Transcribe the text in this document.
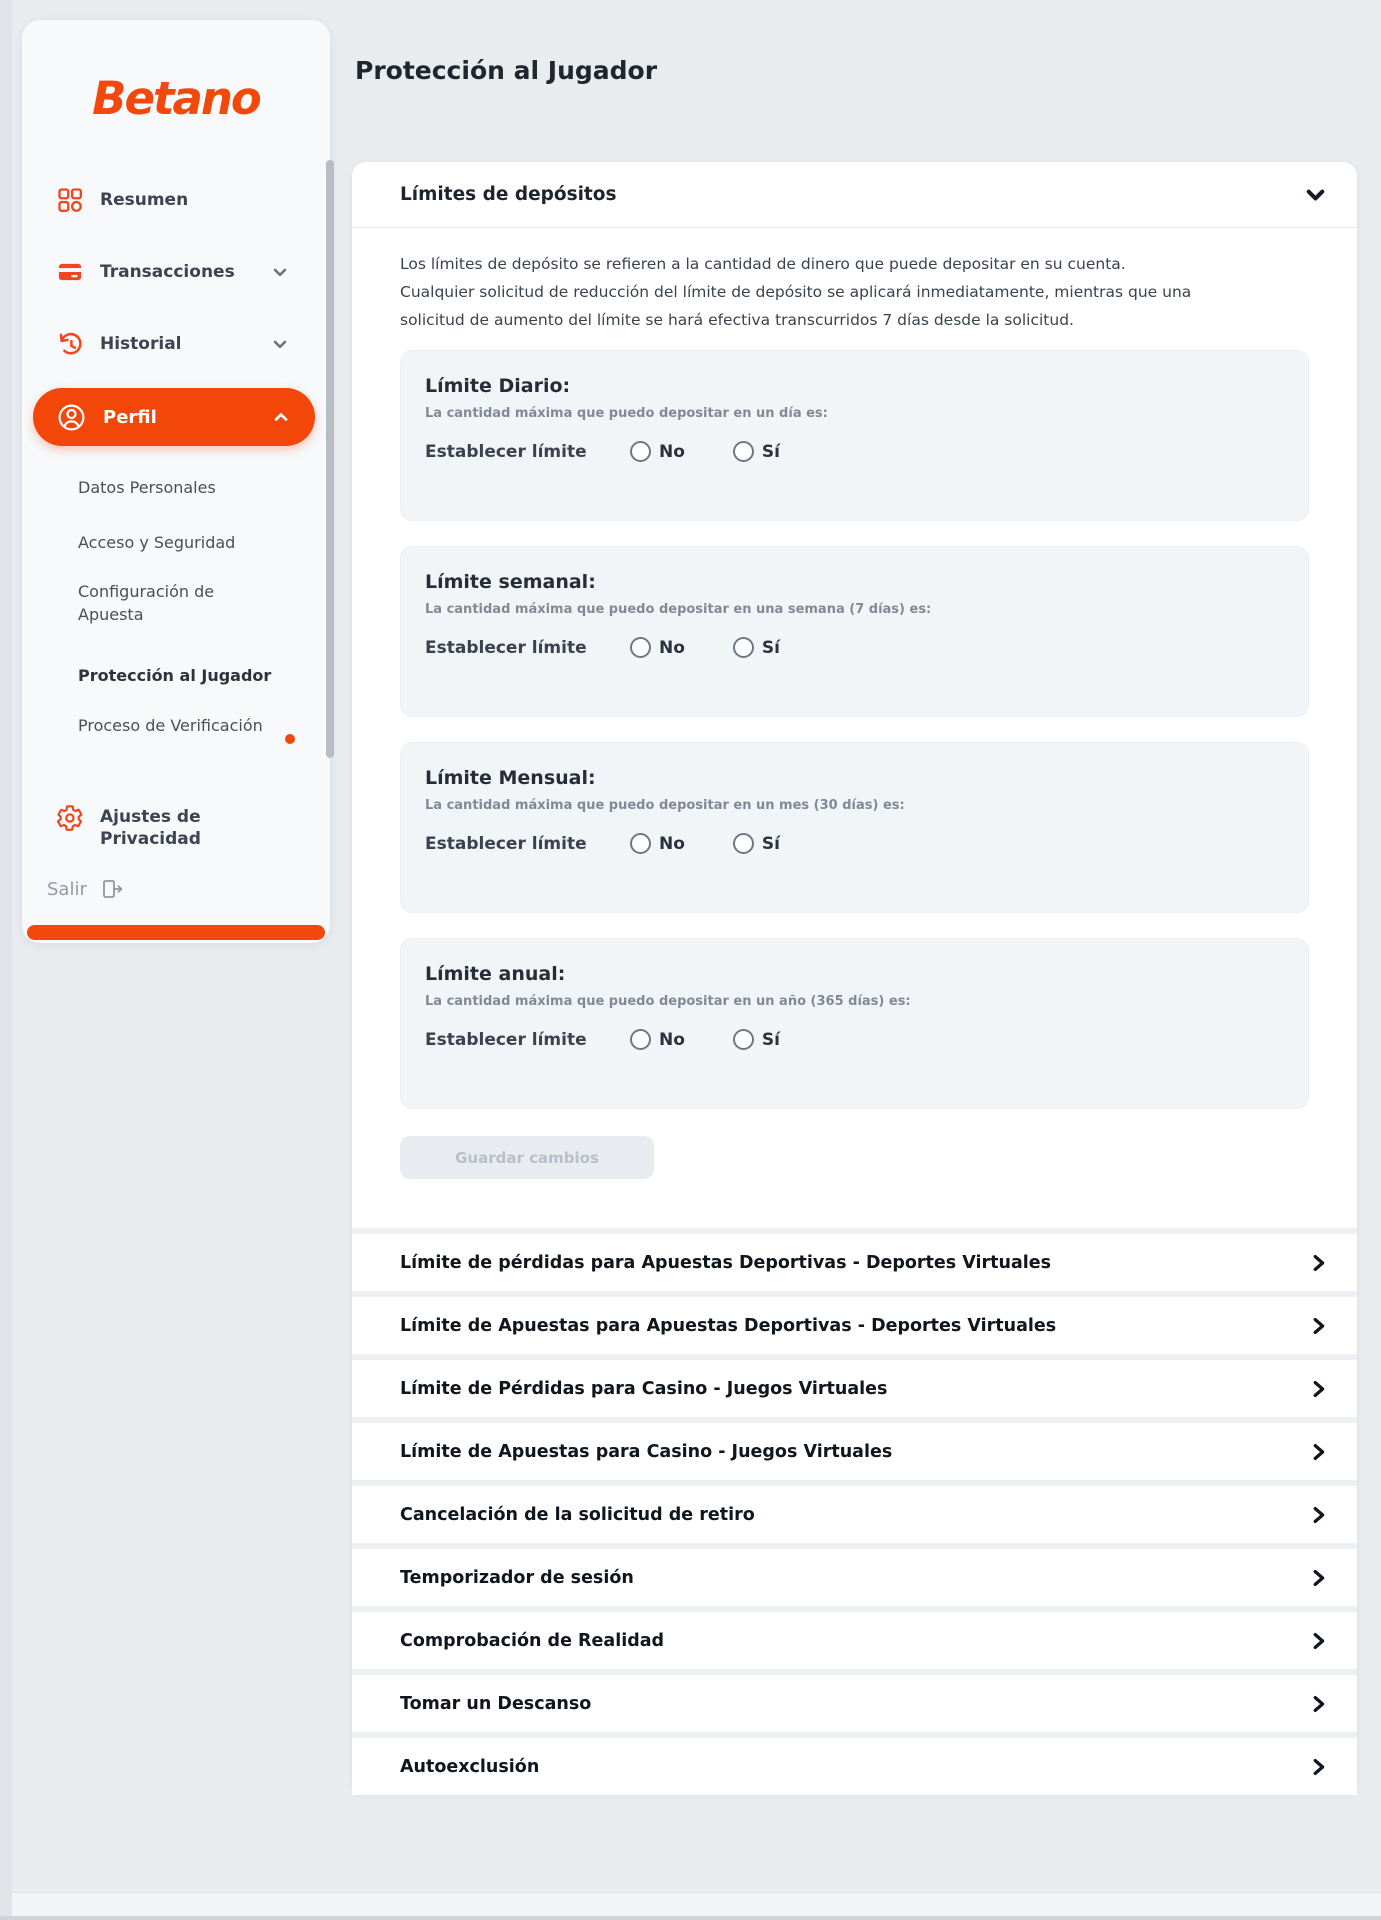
Betano
Resumen
Transacciones
Historial
Perfil
Datos Personales
Acceso y Seguridad
Configuración de Apuesta
Protección al Jugador
Proceso de Verificación
Ajustes de
Privacidad
Salir
Protección al Jugador
Límites de depósitos

Los límites de depósito se refieren a la cantidad de dinero que puede depositar en su cuenta. Cualquier solicitud de reducción del límite de depósito se aplicará inmediatamente, mientras que una solicitud de aumento del límite se hará efectiva transcurridos 7 días desde la solicitud.

Límite Diario:
La cantidad máxima que puedo depositar en un día es:
Establecer límite	No	Sí
Límite semanal:
La cantidad máxima que puedo depositar en una semana (7 días) es:
Establecer límite	No	Sí
Límite Mensual:
La cantidad máxima que puedo depositar en un mes (30 días) es:
Establecer límite	No	Sí
Límite anual:
La cantidad máxima que puedo depositar en un año (365 días) es:
Establecer límite	No	Sí
Guardar cambios
Límite de pérdidas para Apuestas Deportivas - Deportes Virtuales
Límite de Apuestas para Apuestas Deportivas - Deportes Virtuales
Límite de Pérdidas para Casino - Juegos Virtuales
Límite de Apuestas para Casino - Juegos Virtuales
Cancelación de la solicitud de retiro
Temporizador de sesión
Comprobación de Realidad
Tomar un Descanso
Autoexclusión
